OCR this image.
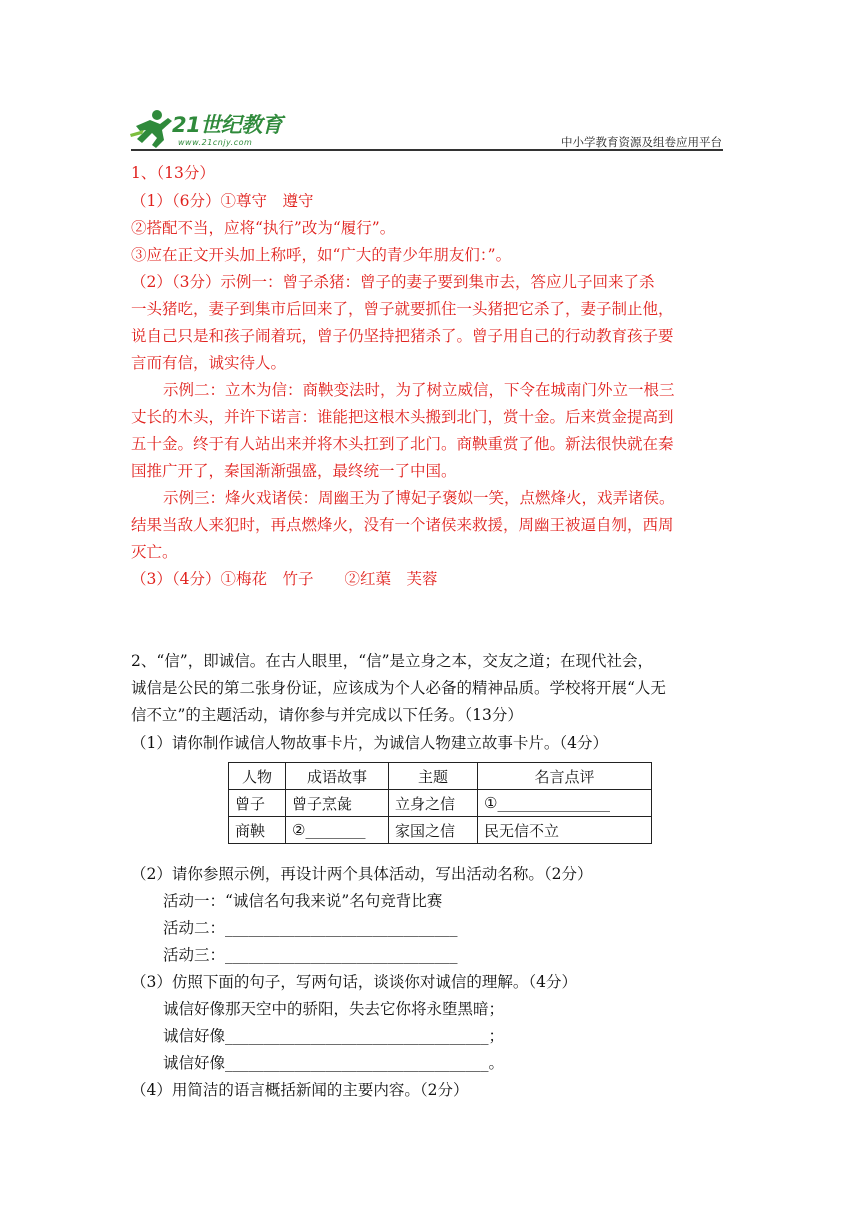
21世纪教育
www.21cnjy.com	中小学教育资源及组卷应用平台
1、（13分）
（1）（6分）①尊守　遵守
②搭配不当，应将“执行”改为“履行”。
③应在正文开头加上称呼，如“广大的青少年朋友们：”。
（2）（3分）示例一：曾子杀猪：曾子的妻子要到集市去，答应儿子回来了杀
一头猪吃，妻子到集市后回来了，曾子就要抓住一头猪把它杀了，妻子制止他，
说自己只是和孩子闹着玩，曾子仍坚持把猪杀了。曾子用自己的行动教育孩子要
言而有信，诚实待人。
示例二：立木为信：商鞅变法时，为了树立威信，下令在城南门外立一根三
丈长的木头，并许下诺言：谁能把这根木头搬到北门，赏十金。后来赏金提高到
五十金。终于有人站出来并将木头扛到了北门。商鞅重赏了他。新法很快就在秦
国推广开了，秦国渐渐强盛，最终统一了中国。
示例三：烽火戏诸侯：周幽王为了博妃子褒姒一笑，点燃烽火，戏弄诸侯。
结果当敌人来犯时，再点燃烽火，没有一个诸侯来救援，周幽王被逼自刎，西周
灭亡。
（3）（4分）①梅花　竹子　　②红蕖　芙蓉
2、“信”，即诚信。在古人眼里，“信”是立身之本，交友之道；在现代社会，
诚信是公民的第二张身份证，应该成为个人必备的精神品质。学校将开展“人无
信不立”的主题活动，请你参与并完成以下任务。（13分）
（1）请你制作诚信人物故事卡片，为诚信人物建立故事卡片。（4分）
人物	成语故事	主题	名言点评
曾子	曾子烹彘	立身之信	①_______________
商鞅	②________	家国之信	民无信不立
（2）请你参照示例，再设计两个具体活动，写出活动名称。（2分）
活动一：“诚信名句我来说”名句竞背比赛
活动二：______________________________
活动三：______________________________
（3）仿照下面的句子，写两句话，谈谈你对诚信的理解。（4分）
诚信好像那天空中的骄阳，失去它你将永堕黑暗；
诚信好像__________________________________；
诚信好像__________________________________。
（4）用简洁的语言概括新闻的主要内容。（2分）
